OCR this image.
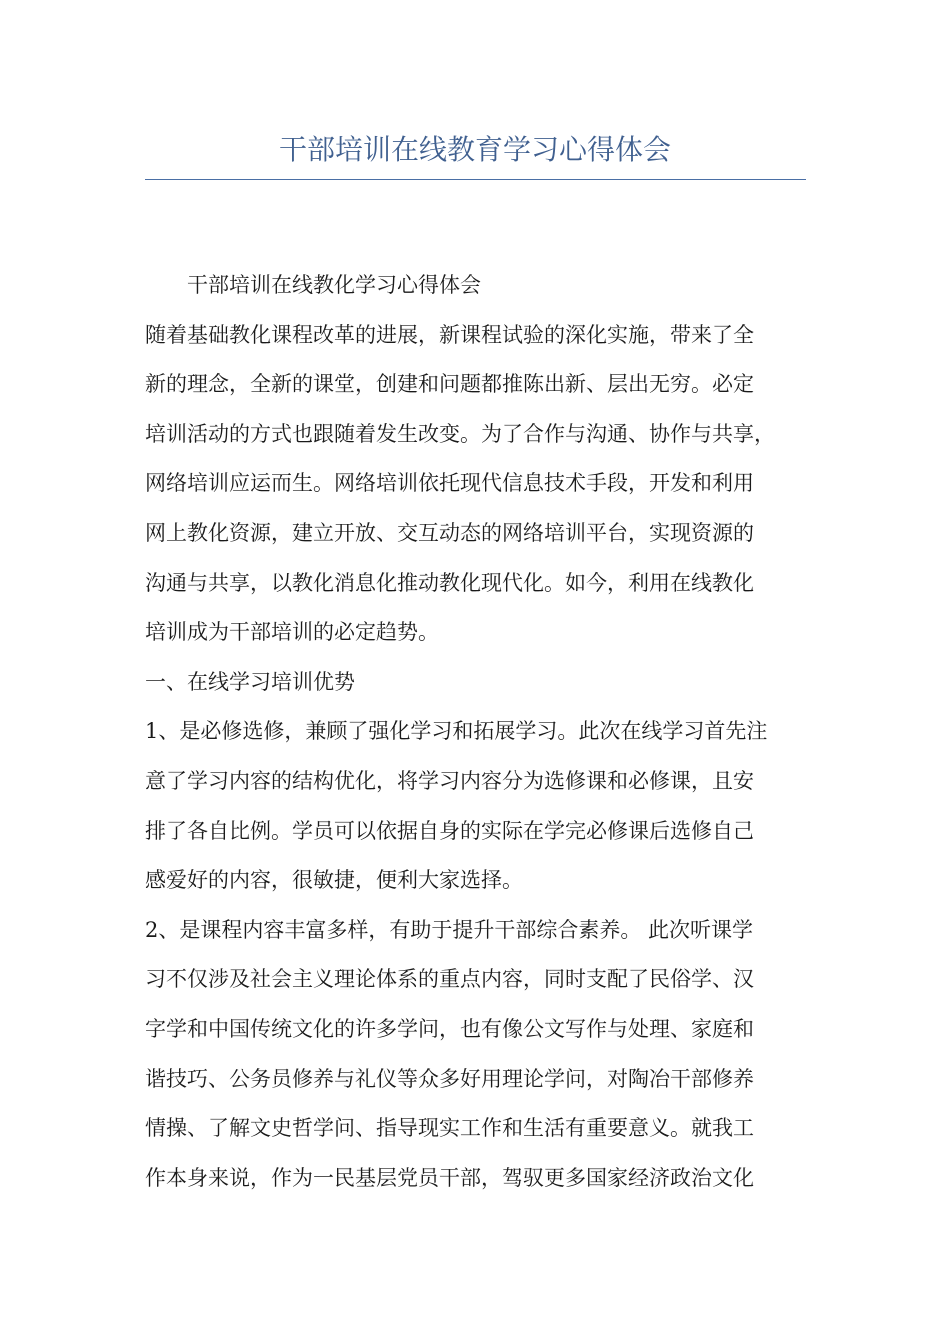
干部培训在线教育学习心得体会
干部培训在线教化学习心得体会
随着基础教化课程改革的进展，新课程试验的深化实施，带来了全
新的理念，全新的课堂，创建和问题都推陈出新、层出无穷。必定
培训活动的方式也跟随着发生改变。为了合作与沟通、协作与共享，
网络培训应运而生。网络培训依托现代信息技术手段，开发和利用
网上教化资源，建立开放、交互动态的网络培训平台，实现资源的
沟通与共享，以教化消息化推动教化现代化。如今，利用在线教化
培训成为干部培训的必定趋势。
一、在线学习培训优势
1、是必修选修，兼顾了强化学习和拓展学习。此次在线学习首先注
意了学习内容的结构优化，将学习内容分为选修课和必修课，且安
排了各自比例。学员可以依据自身的实际在学完必修课后选修自己
感爱好的内容，很敏捷，便利大家选择。
2、是课程内容丰富多样，有助于提升干部综合素养。 此次听课学
习不仅涉及社会主义理论体系的重点内容，同时支配了民俗学、汉
字学和中国传统文化的许多学问，也有像公文写作与处理、家庭和
谐技巧、公务员修养与礼仪等众多好用理论学问，对陶冶干部修养
情操、了解文史哲学问、指导现实工作和生活有重要意义。就我工
作本身来说，作为一民基层党员干部，驾驭更多国家经济政治文化
